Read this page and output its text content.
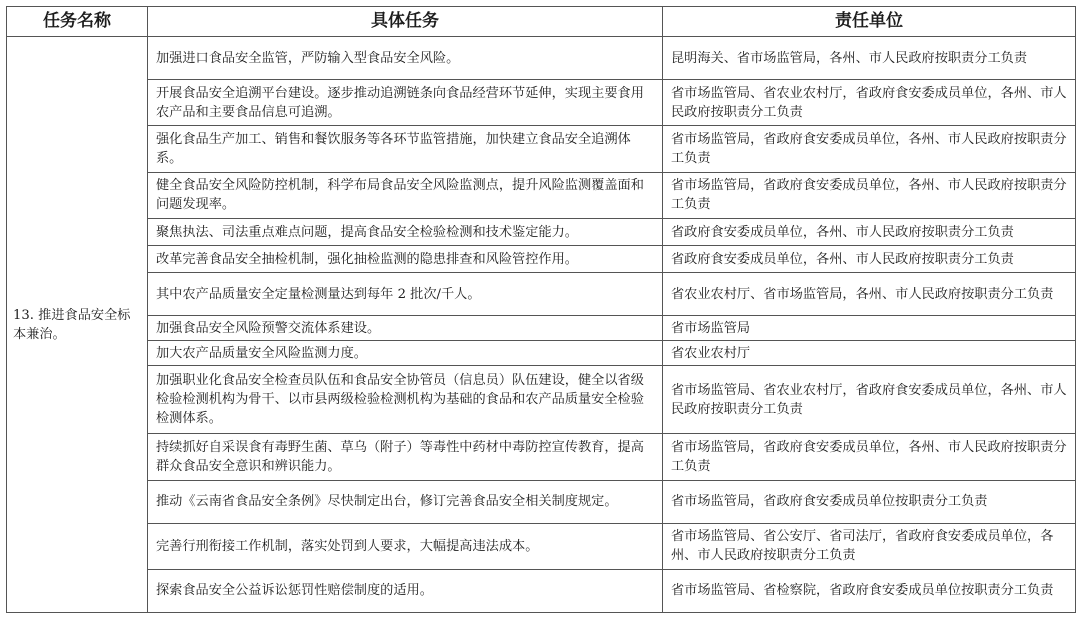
任务名称	具体任务	责任单位
13. 推进食品安全标本兼治。	加强进口食品安全监管，严防输入型食品安全风险。	昆明海关、省市场监管局，各州、市人民政府按职责分工负责
	开展食品安全追溯平台建设。逐步推动追溯链条向食品经营环节延伸，实现主要食用农产品和主要食品信息可追溯。	省市场监管局、省农业农村厅，省政府食安委成员单位，各州、市人民政府按职责分工负责
	强化食品生产加工、销售和餐饮服务等各环节监管措施，加快建立食品安全追溯体系。	省市场监管局，省政府食安委成员单位，各州、市人民政府按职责分工负责
	健全食品安全风险防控机制，科学布局食品安全风险监测点，提升风险监测覆盖面和问题发现率。	省市场监管局，省政府食安委成员单位，各州、市人民政府按职责分工负责
	聚焦执法、司法重点难点问题，提高食品安全检验检测和技术鉴定能力。	省政府食安委成员单位，各州、市人民政府按职责分工负责
	改革完善食品安全抽检机制，强化抽检监测的隐患排查和风险管控作用。	省政府食安委成员单位，各州、市人民政府按职责分工负责
	其中农产品质量安全定量检测量达到每年 2 批次/千人。	省农业农村厅、省市场监管局，各州、市人民政府按职责分工负责
	加强食品安全风险预警交流体系建设。	省市场监管局
	加大农产品质量安全风险监测力度。	省农业农村厅
	加强职业化食品安全检查员队伍和食品安全协管员（信息员）队伍建设，健全以省级检验检测机构为骨干、以市县两级检验检测机构为基础的食品和农产品质量安全检验检测体系。	省市场监管局、省农业农村厅，省政府食安委成员单位，各州、市人民政府按职责分工负责
	持续抓好自采误食有毒野生菌、草乌（附子）等毒性中药材中毒防控宣传教育，提高群众食品安全意识和辨识能力。	省市场监管局，省政府食安委成员单位，各州、市人民政府按职责分工负责
	推动《云南省食品安全条例》尽快制定出台，修订完善食品安全相关制度规定。	省市场监管局，省政府食安委成员单位按职责分工负责
	完善行刑衔接工作机制，落实处罚到人要求，大幅提高违法成本。	省市场监管局、省公安厅、省司法厅，省政府食安委成员单位，各州、市人民政府按职责分工负责
	探索食品安全公益诉讼惩罚性赔偿制度的适用。	省市场监管局、省检察院，省政府食安委成员单位按职责分工负责
